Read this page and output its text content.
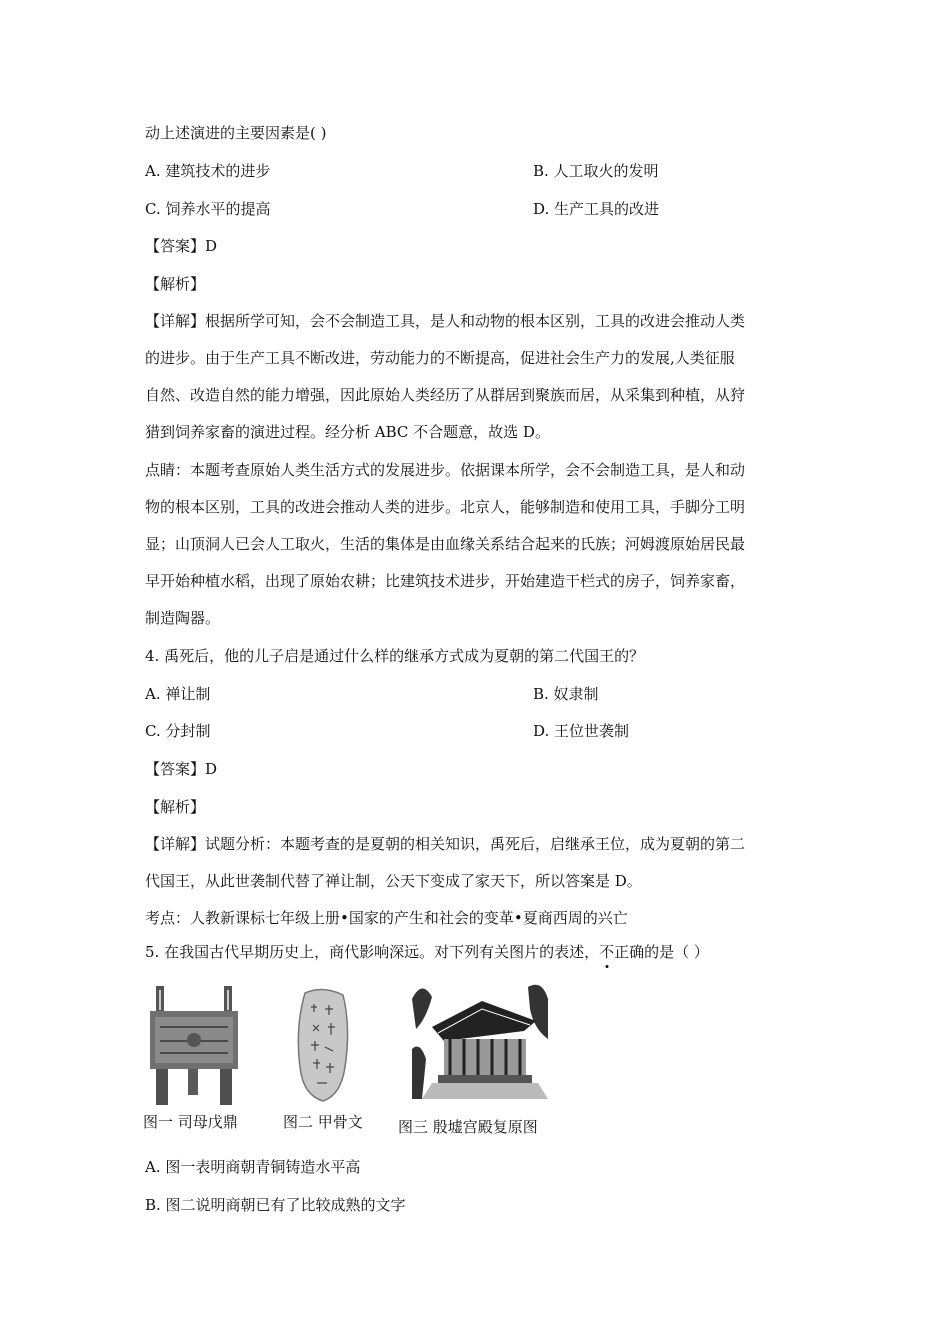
动上述演进的主要因素是( )
A. 建筑技术的进步	B. 人工取火的发明
C. 饲养水平的提高	D. 生产工具的改进
【答案】D
【解析】
【详解】根据所学可知，会不会制造工具，是人和动物的根本区别，工具的改进会推动人类
的进步。由于生产工具不断改进，劳动能力的不断提高，促进社会生产力的发展,人类征服
自然、改造自然的能力增强，因此原始人类经历了从群居到聚族而居，从采集到种植，从狩
猎到饲养家畜的演进过程。经分析 ABC 不合题意，故选 D。
点睛：本题考查原始人类生活方式的发展进步。依据课本所学，会不会制造工具，是人和动
物的根本区别，工具的改进会推动人类的进步。北京人，能够制造和使用工具，手脚分工明
显；山顶洞人已会人工取火，生活的集体是由血缘关系结合起来的氏族；河姆渡原始居民最
早开始种植水稻，出现了原始农耕；比建筑技术进步，开始建造干栏式的房子，饲养家畜，
制造陶器。
4. 禹死后，他的儿子启是通过什么样的继承方式成为夏朝的第二代国王的？
A. 禅让制	B. 奴隶制
C. 分封制	D. 王位世袭制
【答案】D
【解析】
【详解】试题分析：本题考查的是夏朝的相关知识，禹死后，启继承王位，成为夏朝的第二
代国王，从此世袭制代替了禅让制，公天下变成了家天下，所以答案是 D。
考点：人教新课标七年级上册•国家的产生和社会的变革•夏商西周的兴亡
5. 在我国古代早期历史上，商代影响深远。对下列有关图片的表述，不正确的是（ ）
图一 司母戊鼎	图二 甲骨文 图三 殷墟宫殿复原图
A. 图一表明商朝青铜铸造水平高
B. 图二说明商朝已有了比较成熟的文字
